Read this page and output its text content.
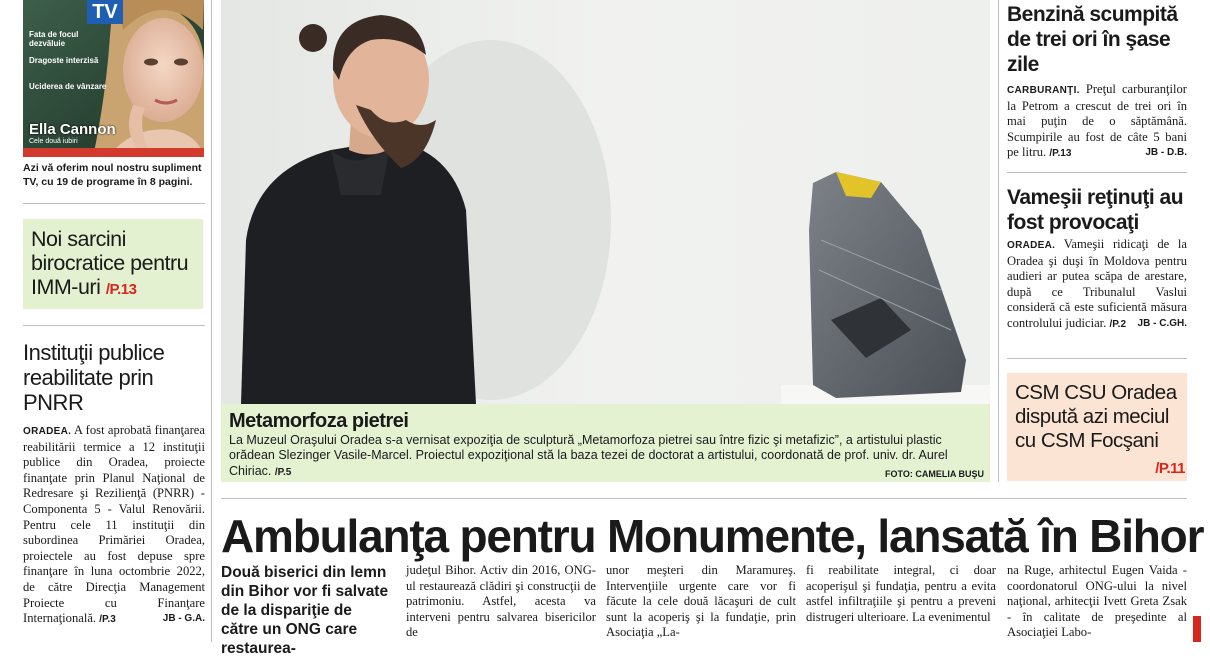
TV
Fata de focul dezvăluie
Dragoste interzisă
Uciderea de vânzare
Ella Cannon
Cele două iubiri
Azi vă oferim noul nostru supliment TV, cu 19 de programe în 8 pagini.
Noi sarcini birocratice pentru IMM-uri /P.13
Instituţii publice reabilitate prin PNRR
ORADEA. A fost aprobată finanţarea reabilitării termice a 12 instituţii publice din Oradea, proiecte finanţate prin Planul Naţional de Redresare şi Rezilienţă (PNRR) - Componenta 5 - Valul Renovării. Pentru cele 11 instituţii din subordinea Primăriei Oradea, proiectele au fost depuse spre finanţare în luna octombrie 2022, de către Direcţia Management Proiecte cu Finanţare Internaţională. /P.3	JB - G.A.
Metamorfoza pietrei
La Muzeul Oraşului Oradea s-a vernisat expoziţia de sculptură „Metamorfoza pietrei sau între fizic şi metafizic”, a artistului plastic orădean Slezinger Vasile-Marcel. Proiectul expoziţional stă la baza tezei de doctorat a artistului, coordonată de prof. univ. dr. Aurel Chiriac. /P.5	FOTO: CAMELIA BUŞU
Benzină scumpită de trei ori în şase zile
CARBURANŢI. Preţul carburanţilor la Petrom a crescut de trei ori în mai puţin de o săptămână. Scumpirile au fost de câte 5 bani pe litru. /P.13	JB - D.B.
Vameşii reţinuţi au fost provocaţi
ORADEA. Vameşii ridicaţi de la Oradea şi duşi în Moldova pentru audieri ar putea scăpa de arestare, după ce Tribunalul Vaslui consideră că este suficientă măsura controlului judiciar. /P.2 JB - C.GH.
CSM CSU Oradea dispută azi meciul cu CSM Focşani
/P.11
Ambulanţa pentru Monumente, lansată în Bihor
Două biserici din lemn din Bihor vor fi salvate de la dispariţie de către un ONG care restaurea-
judeţul Bihor. Activ din 2016, ONG-ul restaurează clădiri şi construcţii de patrimoniu. Astfel, acesta va interveni pentru salvarea bisericilor de
unor meşteri din Maramureş. Intervenţiile urgente care vor fi făcute la cele două lăcaşuri de cult sunt la acoperiş şi la fundaţie, prin Asociaţia „La-
fi reabilitate integral, ci doar acoperişul şi fundaţia, pentru a evita astfel infiltraţiile şi pentru a preveni distrugeri ulterioare. La evenimentul
na Ruge, arhitectul Eugen Vaida - coordonatorul ONG-ului la nivel naţional, arhitecţii Ivett Greta Zsak - în calitate de preşedinte al Asociaţiei Labo-
